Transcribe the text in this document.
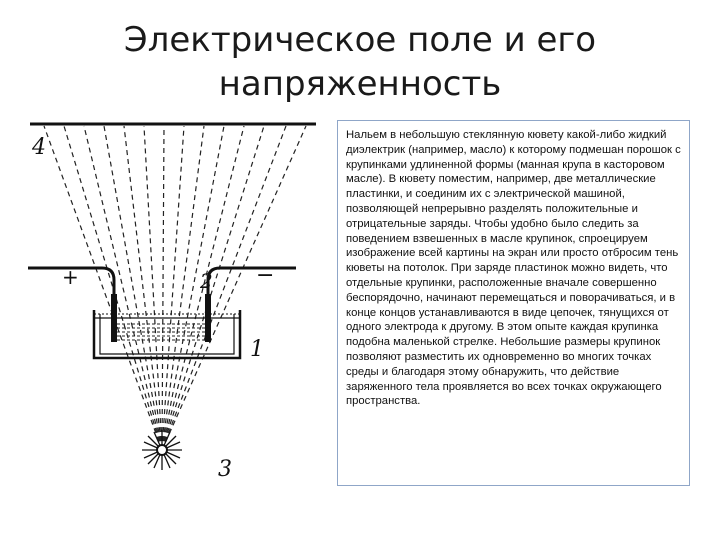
Электрическое поле и его
напряженность
4
3
+	−
2
1
Нальем в небольшую стеклянную кювету какой-либо жидкий диэлектрик (например, масло) к которому подмешан порошок с крупинками удлиненной формы (манная крупа в касторовом масле). В кювету поместим, например, две металлические пластинки, и соединим их с электрической машиной, позволяющей непрерывно разделять положительные и отрицательные заряды. Чтобы удобно было следить за поведением взвешенных в масле крупинок, спроецируем изображение всей картины на экран или просто отбросим тень кюветы на потолок. При заряде пластинок можно видеть, что отдельные крупинки, расположенные вначале совершенно беспорядочно, начинают перемещаться и поворачиваться, и в конце концов устанавливаются в виде цепочек, тянущихся от одного электрода к другому. В этом опыте каждая крупинка подобна маленькой стрелке. Небольшие размеры крупинок позволяют разместить их одновременно во многих точках среды и благодаря этому обнаружить, что действие заряженного тела проявляется во всех точках окружающего пространства.
